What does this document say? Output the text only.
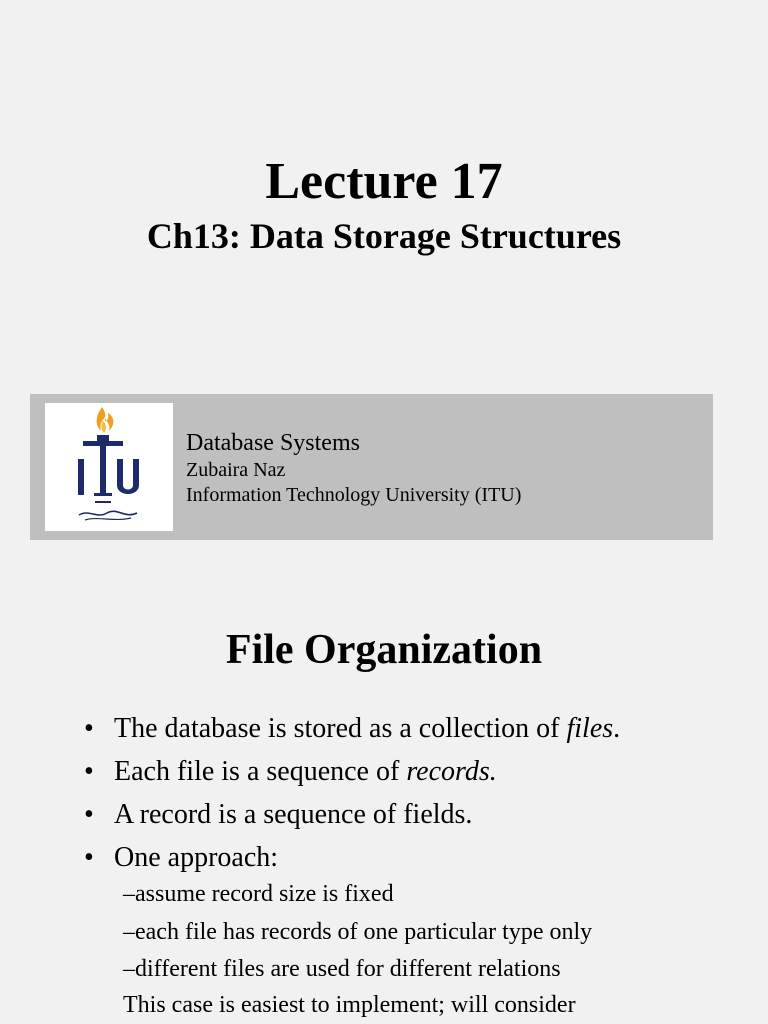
Lecture 17
Ch13: Data Storage Structures
Database Systems
Zubaira Naz
Information Technology University (ITU)
File Organization
• The database is stored as a collection of files.
• Each file is a sequence of records.
• A record is a sequence of fields.
• One approach:
–assume record size is fixed
–each file has records of one particular type only
–different files are used for different relations
This case is easiest to implement; will consider
